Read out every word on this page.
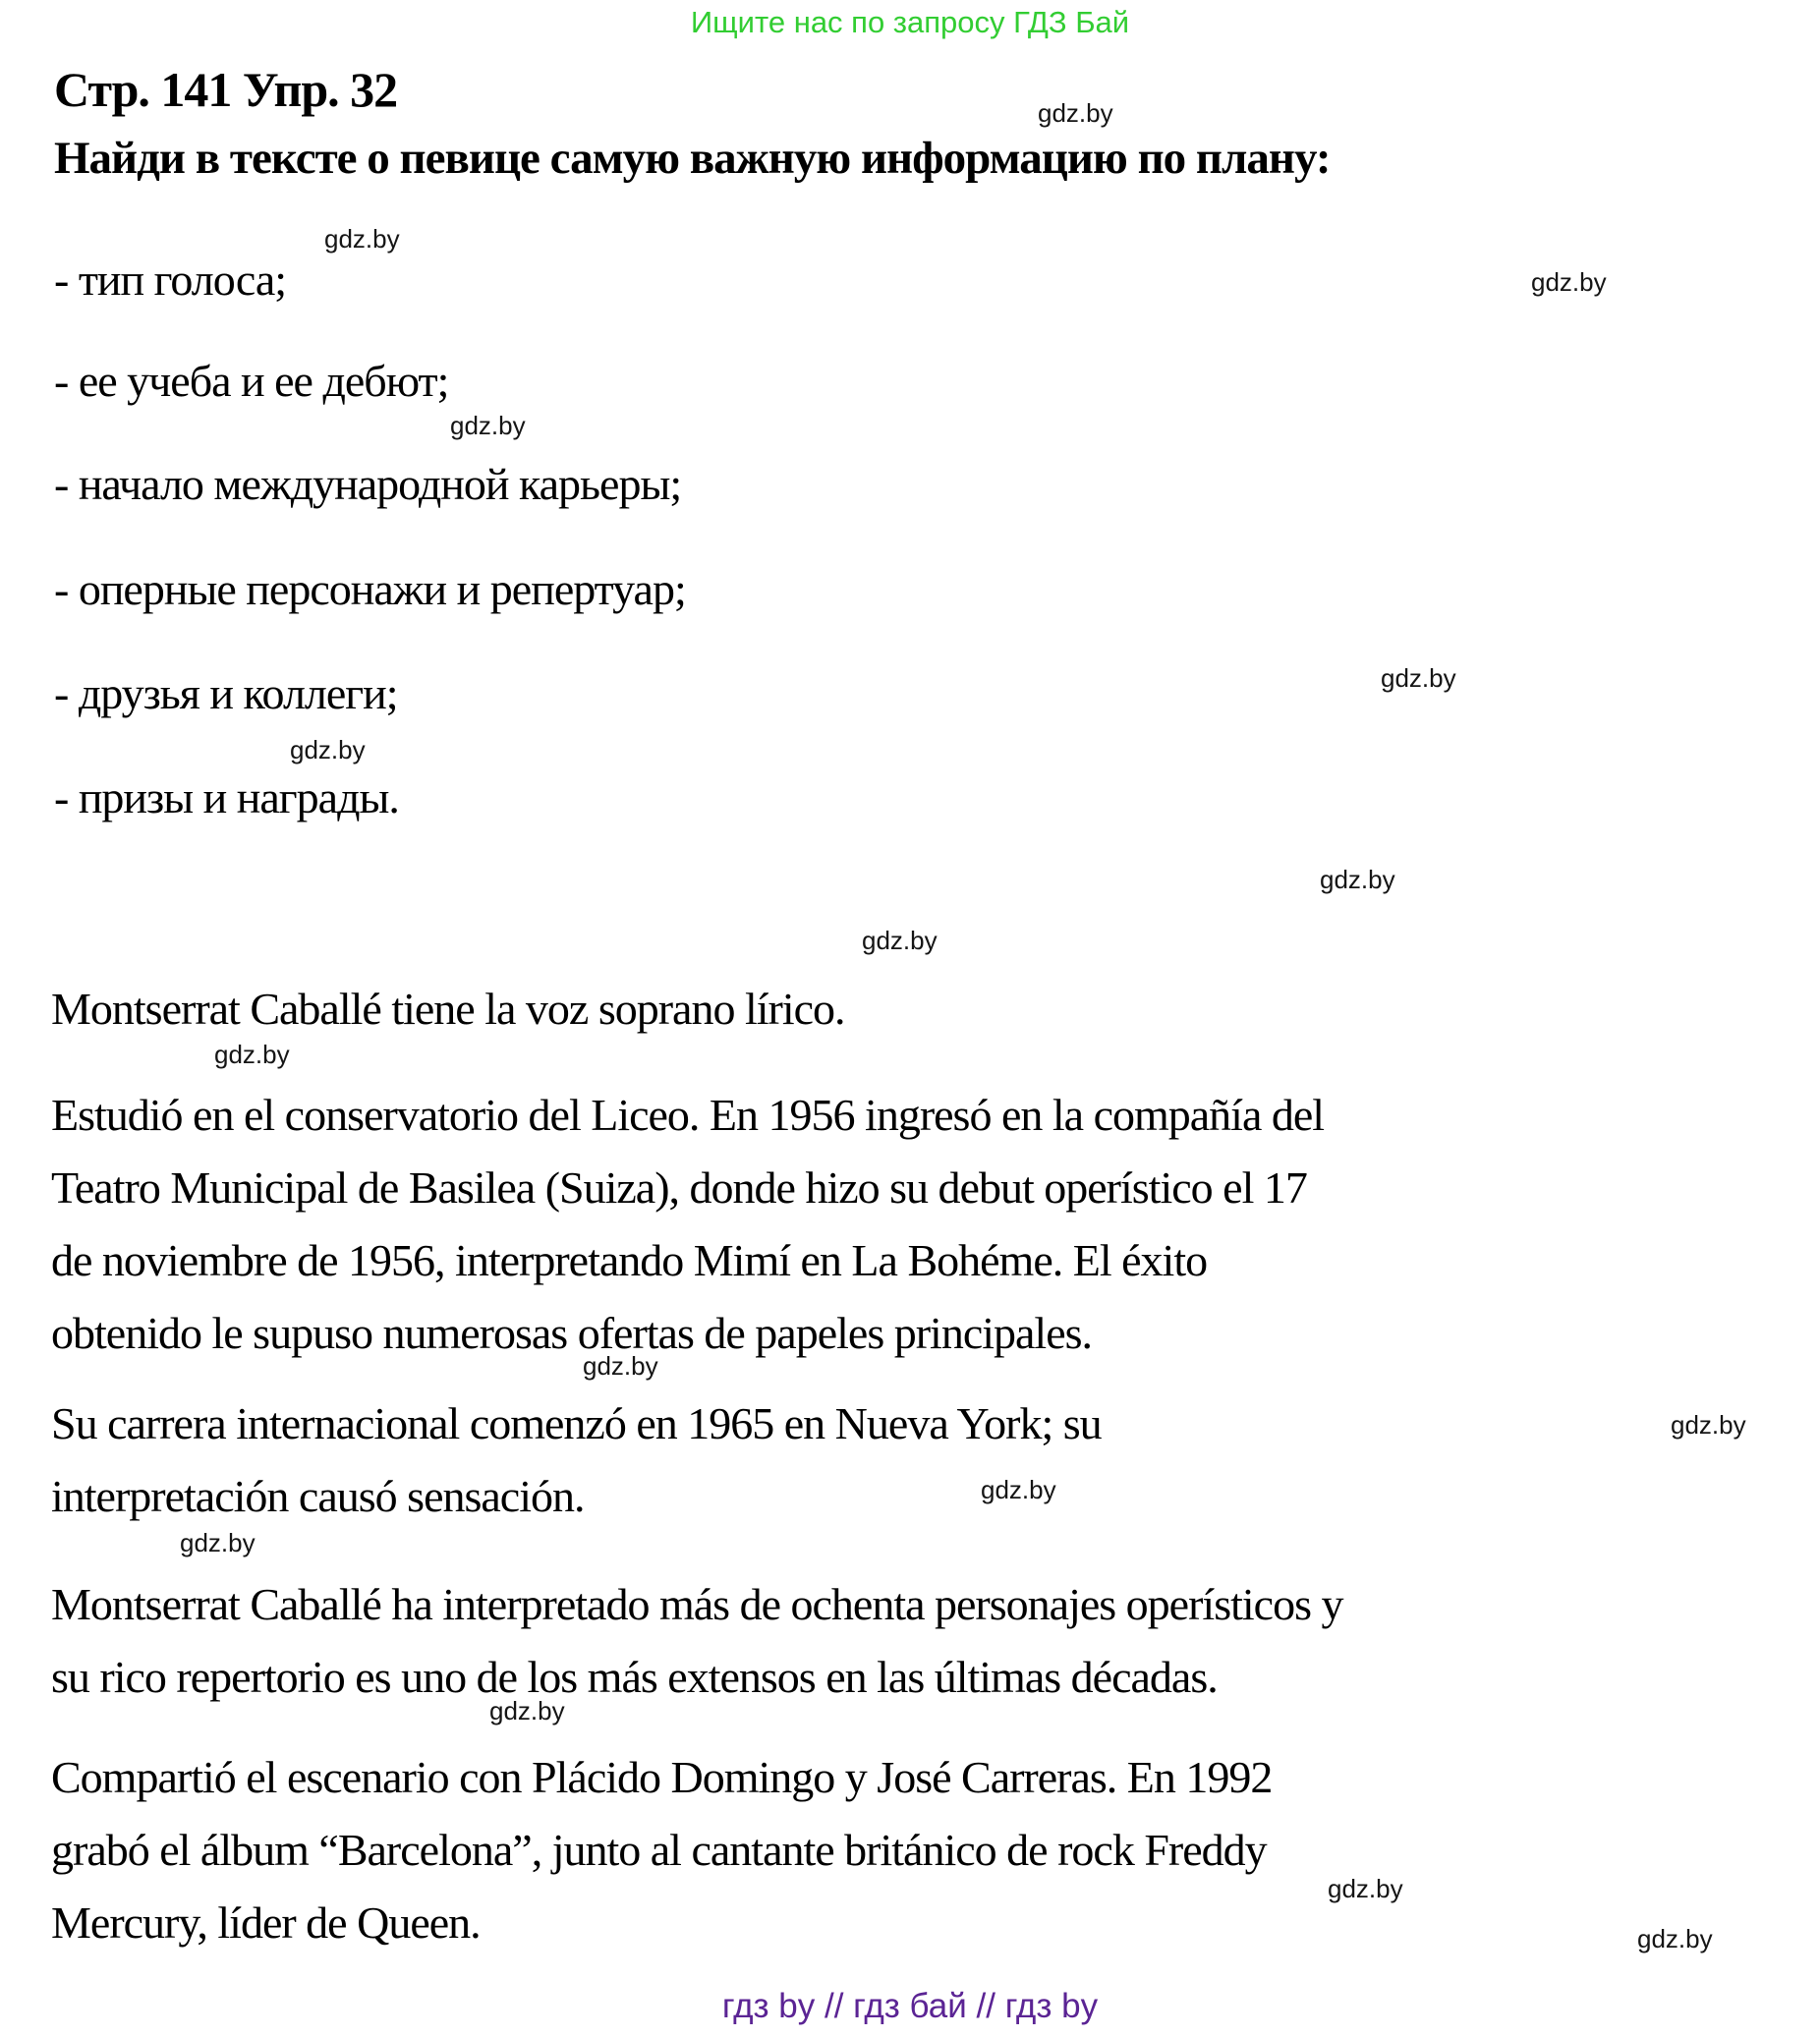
Ищите нас по запросу ГДЗ Бай
Стр. 141 Упр. 32
Найди в тексте о певице самую важную информацию по плану:
- тип голоса;
- ее учеба и ее дебют;
- начало международной карьеры;
- оперные персонажи и репертуар;
- друзья и коллеги;
- призы и награды.
Montserrat Caballé tiene la voz soprano lírico.
Estudió en el conservatorio del Liceo. En 1956 ingresó en la compañía del
Teatro Municipal de Basilea (Suiza), donde hizo su debut operístico el 17
de noviembre de 1956, interpretando Mimí en La Bohéme. El éxito
obtenido le supuso numerosas ofertas de papeles principales.
Su carrera internacional comenzó en 1965 en Nueva York; su
interpretación causó sensación.
Montserrat Caballé ha interpretado más de ochenta personajes operísticos y
su rico repertorio es uno de los más extensos en las últimas décadas.
Compartió el escenario con Plácido Domingo y José Carreras. En 1992
grabó el álbum “Barcelona”, junto al cantante británico de rock Freddy
Mercury, líder de Queen.
gdz.by
gdz.by
gdz.by
gdz.by
gdz.by
gdz.by
gdz.by
gdz.by
gdz.by
gdz.by
gdz.by
gdz.by
gdz.by
gdz.by
gdz.by
gdz.by
гдз by // гдз бай // гдз by
